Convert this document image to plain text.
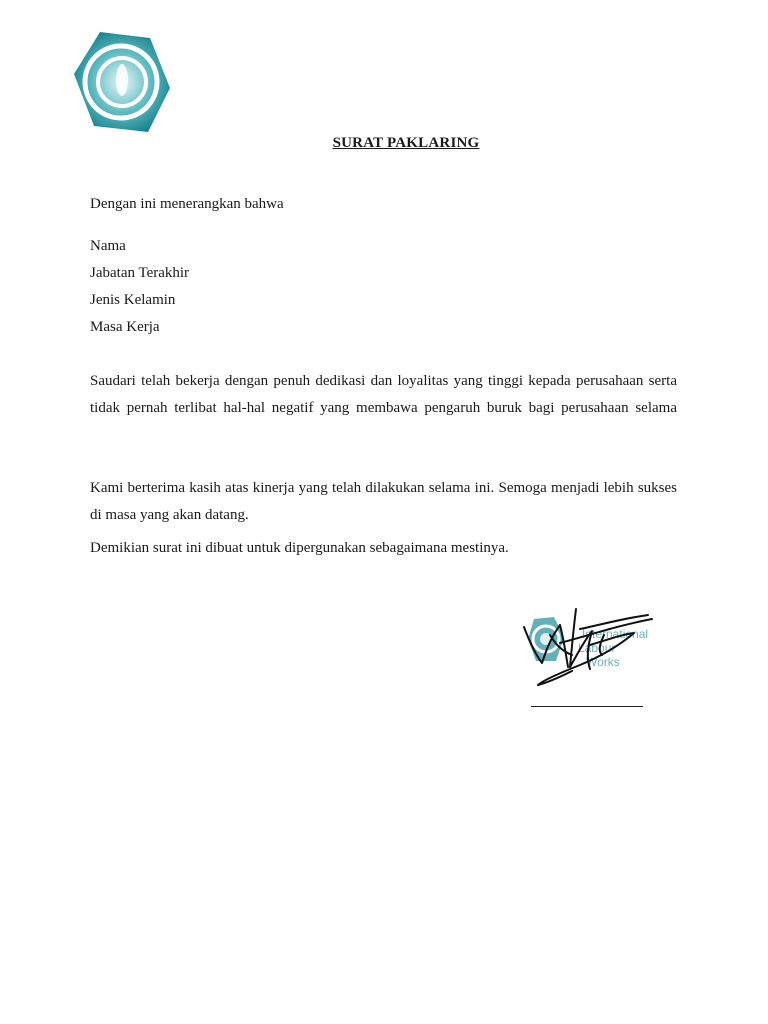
SURAT PAKLARING
Dengan ini menerangkan bahwa
Nama
Jabatan Terakhir
Jenis Kelamin
Masa Kerja
Saudari telah bekerja dengan penuh dedikasi dan loyalitas yang tinggi kepada perusahaan serta tidak pernah terlibat hal-hal negatif yang membawa pengaruh buruk bagi perusahaan selama
Kami berterima kasih atas kinerja yang telah dilakukan selama ini. Semoga menjadi lebih sukses di masa yang akan datang.
Demikian surat ini dibuat untuk dipergunakan sebagaimana mestinya.
International
Labour
Works
